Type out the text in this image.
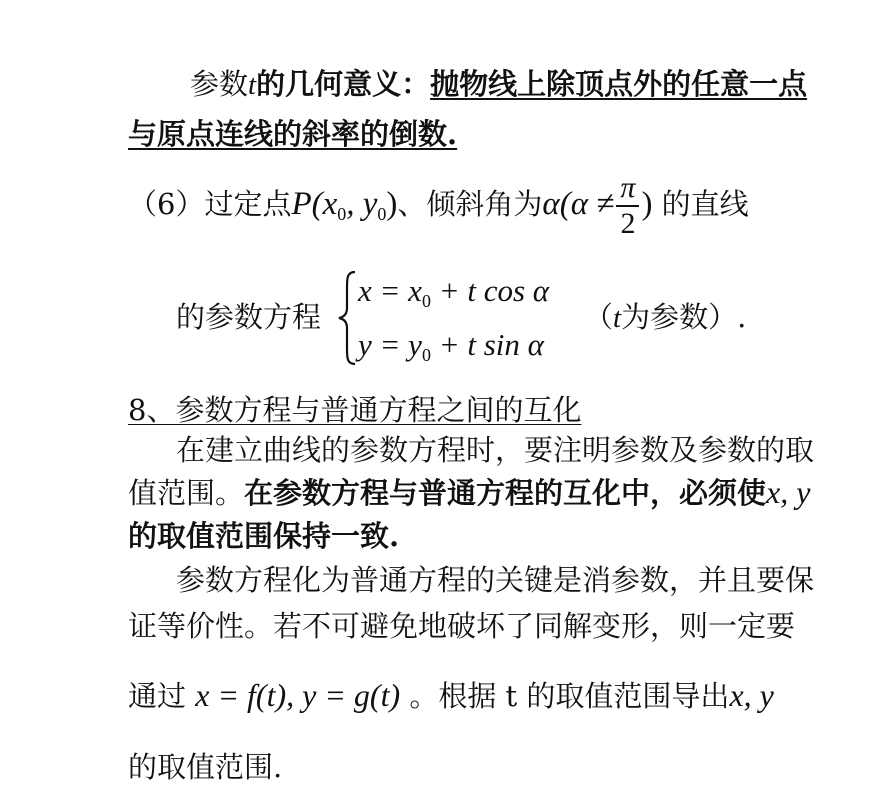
参数t的几何意义：抛物线上除顶点外的任意一点
与原点连线的斜率的倒数.
（6）过定点$P(x_0$, $y_0$)、倾斜角为$\alpha(\alpha \ne \frac{\pi}{2}$ ) 的直线
的参数方程
$x = x_0 + t$ cos α
$y = y_0 + t$ sin α
（t为参数）.
8、参数方程与普通方程之间的互化
在建立曲线的参数方程时，要注明参数及参数的取
值范围。在参数方程与普通方程的互化中，必须使x, y
的取值范围保持一致.
参数方程化为普通方程的关键是消参数，并且要保
证等价性。若不可避免地破坏了同解变形，则一定要
通过 x = f(t), y = g(t) 。根据 t 的取值范围导出x, y
的取值范围.
